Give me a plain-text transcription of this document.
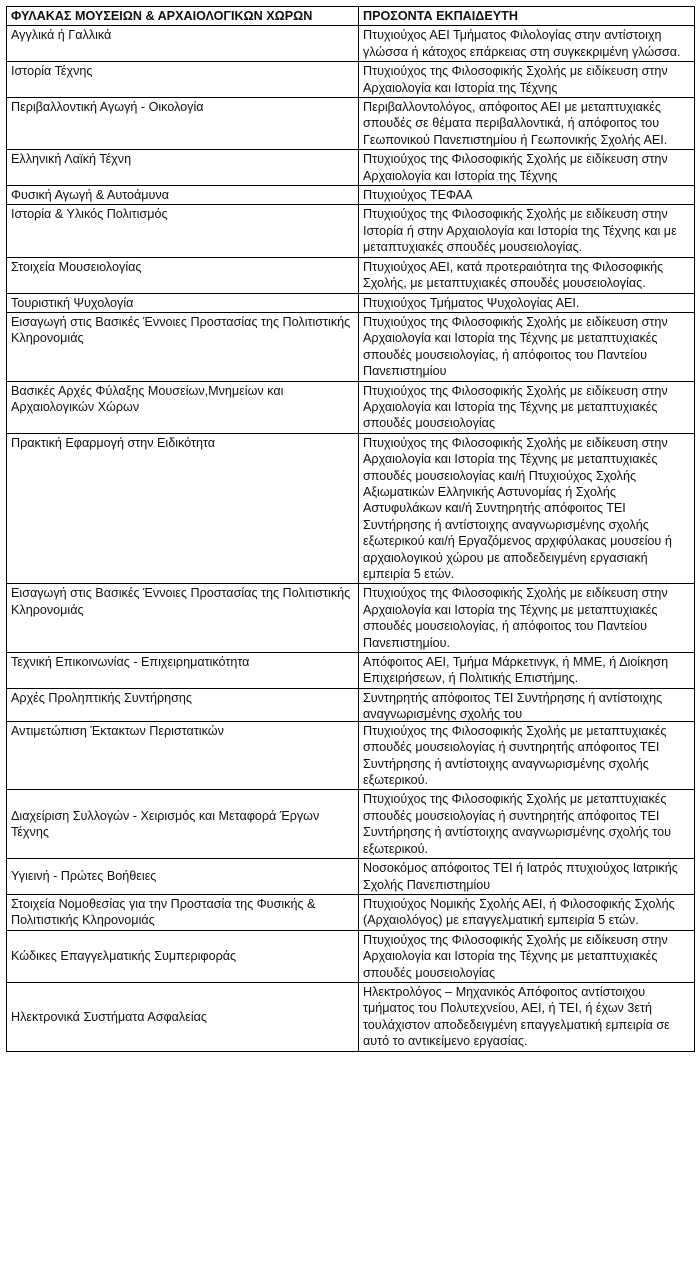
ΦΥΛΑΚΑΣ ΜΟΥΣΕΙΩΝ & ΑΡΧΑΙΟΛΟΓΙΚΩΝ ΧΩΡΩΝ	ΠΡΟΣΟΝΤΑ ΕΚΠΑΙΔΕΥΤΗ
Αγγλικά ή Γαλλικά	Πτυχιούχος ΑΕΙ Τμήματος Φιλολογίας στην αντίστοιχη γλώσσα ή κάτοχος επάρκειας στη συγκεκριμένη γλώσσα.
Ιστορία Τέχνης	Πτυχιούχος της Φιλοσοφικής Σχολής με ειδίκευση στην Αρχαιολογία και Ιστορία της Τέχνης
Περιβαλλοντική Αγωγή - Οικολογία	Περιβαλλοντολόγος, απόφοιτος ΑΕΙ με μεταπτυχιακές σπουδές σε θέματα περιβαλλοντικά, ή απόφοιτος του Γεωπονικού Πανεπιστημίου ή Γεωπονικής Σχολής ΑΕΙ.
Ελληνική Λαϊκή Τέχνη	Πτυχιούχος της Φιλοσοφικής Σχολής με ειδίκευση στην Αρχαιολογία και Ιστορία της Τέχνης
Φυσική Αγωγή & Αυτοάμυνα	Πτυχιούχος ΤΕΦΑΑ
Ιστορία & Υλικός Πολιτισμός	Πτυχιούχος της Φιλοσοφικής Σχολής με ειδίκευση στην Ιστορία ή στην Αρχαιολογία και Ιστορία της Τέχνης και με μεταπτυχιακές σπουδές μουσειολογίας.
Στοιχεία Μουσειολογίας	Πτυχιούχος ΑΕΙ, κατά προτεραιότητα της Φιλοσοφικής Σχολής, με μεταπτυχιακές σπουδές μουσειολογίας.
Τουριστική Ψυχολογία	Πτυχιούχος Τμήματος Ψυχολογίας ΑΕΙ.
Εισαγωγή στις Βασικές Έννοιες Προστασίας της Πολιτιστικής Κληρονομιάς	Πτυχιούχος της Φιλοσοφικής Σχολής με ειδίκευση στην Αρχαιολογία και Ιστορία της Τέχνης με μεταπτυχιακές σπουδές μουσειολογίας, ή απόφοιτος του Παντείου Πανεπιστημίου
Βασικές Αρχές Φύλαξης Μουσείων,Μνημείων και Αρχαιολογικών Χώρων	Πτυχιούχος της Φιλοσοφικής Σχολής με ειδίκευση στην Αρχαιολογία και Ιστορία της Τέχνης με μεταπτυχιακές σπουδές μουσειολογίας
Πρακτική Εφαρμογή στην Ειδικότητα	Πτυχιούχος της Φιλοσοφικής Σχολής με ειδίκευση στην Αρχαιολογία και Ιστορία της Τέχνης με μεταπτυχιακές σπουδές μουσειολογίας και/ή Πτυχιούχος Σχολής Αξιωματικών Ελληνικής Αστυνομίας ή Σχολής Αστυφυλάκων και/ή Συντηρητής απόφοιτος ΤΕΙ Συντήρησης ή αντίστοιχης αναγνωρισμένης σχολής εξωτερικού και/ή Εργαζόμενος αρχιφύλακας μουσείου ή αρχαιολογικού χώρου με αποδεδειγμένη εργασιακή εμπειρία 5 ετών.
Εισαγωγή στις Βασικές Έννοιες Προστασίας της Πολιτιστικής Κληρονομιάς	Πτυχιούχος της Φιλοσοφικής Σχολής με ειδίκευση στην Αρχαιολογία και Ιστορία της Τέχνης με μεταπτυχιακές σπουδές μουσειολογίας, ή απόφοιτος του Παντείου Πανεπιστημίου.
Τεχνική Επικοινωνίας - Επιχειρηματικότητα	Απόφοιτος ΑΕΙ, Τμήμα Μάρκετινγκ, ή ΜΜΕ, ή Διοίκηση Επιχειρήσεων, ή Πολιτικής Επιστήμης.
Αρχές Προληπτικής Συντήρησης	Συντηρητής απόφοιτος ΤΕΙ Συντήρησης ή αντίστοιχης αναγνωρισμένης σχολής του

Αντιμετώπιση Έκτακτων Περιστατικών	Πτυχιούχος της Φιλοσοφικής Σχολής με μεταπτυχιακές σπουδές μουσειολογίας ή συντηρητής απόφοιτος ΤΕΙ Συντήρησης ή αντίστοιχης αναγνωρισμένης σχολής εξωτερικού.
Διαχείριση Συλλογών - Χειρισμός και Μεταφορά Έργων Τέχνης	Πτυχιούχος της Φιλοσοφικής Σχολής με μεταπτυχιακές σπουδές μουσειολογίας ή συντηρητής απόφοιτος ΤΕΙ Συντήρησης ή αντίστοιχης αναγνωρισμένης σχολής του εξωτερικού.
Υγιεινή - Πρώτες Βοήθειες	Νοσοκόμος απόφοιτος ΤΕΙ ή Ιατρός πτυχιούχος Ιατρικής Σχολής Πανεπιστημίου
Στοιχεία Νομοθεσίας για την Προστασία της Φυσικής & Πολιτιστικής Κληρονομιάς	Πτυχιούχος Νομικής Σχολής ΑΕΙ, ή Φιλοσοφικής Σχολής (Αρχαιολόγος) με επαγγελματική εμπειρία 5 ετών.
Κώδικες Επαγγελματικής Συμπεριφοράς	Πτυχιούχος της Φιλοσοφικής Σχολής με ειδίκευση στην Αρχαιολογία και Ιστορία της Τέχνης με μεταπτυχιακές σπουδές μουσειολογίας
Ηλεκτρονικά Συστήματα Ασφαλείας	Ηλεκτρολόγος – Μηχανικός Απόφοιτος αντίστοιχου τμήματος του Πολυτεχνείου, ΑΕΙ, ή ΤΕΙ, ή έχων 3ετή τουλάχιστον αποδεδειγμένη επαγγελματική εμπειρία σε αυτό το αντικείμενο εργασίας.
